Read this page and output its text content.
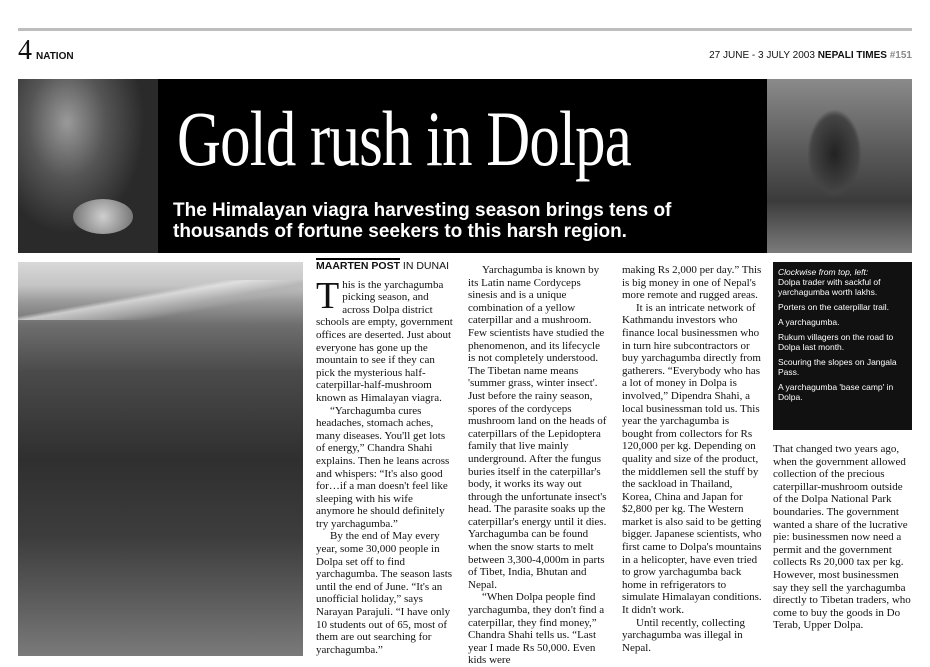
4 NATION	27 JUNE - 3 JULY 2003 NEPALI TIMES #151
Gold rush in Dolpa
The Himalayan viagra harvesting season brings tens of thousands of fortune seekers to this harsh region.
MAARTEN POST IN DUNAI

This is the yarchagumba picking season, and across Dolpa district schools are empty, government offices are deserted. Just about everyone has gone up the mountain to see if they can pick the mysterious half-caterpillar-half-mushroom known as Himalayan viagra.

“Yarchagumba cures headaches, stomach aches, many diseases. You'll get lots of energy,” Chandra Shahi explains. Then he leans across and whispers: “It's also good for…if a man doesn't feel like sleeping with his wife anymore he should definitely try yarchagumba.”

By the end of May every year, some 30,000 people in Dolpa set off to find yarchagumba. The season lasts until the end of June. “It's an unofficial holiday,” says Narayan Parajuli. “I have only 10 students out of 65, most of them are out searching for yarchagumba.”

Yarchagumba is known by its Latin name Cordyceps sinesis and is a unique combination of a yellow caterpillar and a mushroom. Few scientists have studied the phenomenon, and its lifecycle is not completely understood. The Tibetan name means 'summer grass, winter insect'. Just before the rainy season, spores of the cordyceps mushroom land on the heads of caterpillars of the Lepidoptera family that live mainly underground. After the fungus buries itself in the caterpillar's body, it works its way out through the unfortunate insect's head. The parasite soaks up the caterpillar's energy until it dies. Yarchagumba can be found when the snow starts to melt between 3,300-4,000m in parts of Tibet, India, Bhutan and Nepal.

“When Dolpa people find yarchagumba, they don't find a caterpillar, they find money,” Chandra Shahi tells us. “Last year I made Rs 50,000. Even kids were

making Rs 2,000 per day.” This is big money in one of Nepal's more remote and rugged areas.

It is an intricate network of Kathmandu investors who finance local businessmen who in turn hire subcontractors or buy yarchagumba directly from gatherers. “Everybody who has a lot of money in Dolpa is involved,” Dipendra Shahi, a local businessman told us. This year the yarchagumba is bought from collectors for Rs 120,000 per kg. Depending on quality and size of the product, the middlemen sell the stuff by the sackload in Thailand, Korea, China and Japan for $2,800 per kg. The Western market is also said to be getting bigger. Japanese scientists, who first came to Dolpa's mountains in a helicopter, have even tried to grow yarchagumba back home in refrigerators to simulate Himalayan conditions. It didn't work.

Until recently, collecting yarchagumba was illegal in Nepal.

Clockwise from top, left:
Dolpa trader with sackful of yarchagumba worth lakhs.
Porters on the caterpillar trail.
A yarchagumba.
Rukum villagers on the road to Dolpa last month.
Scouring the slopes on Jangala Pass.
A yarchagumba 'base camp' in Dolpa.

That changed two years ago, when the government allowed collection of the precious caterpillar-mushroom outside of the Dolpa National Park boundaries. The government wanted a share of the lucrative pie: businessmen now need a permit and the government collects Rs 20,000 tax per kg. However, most businessmen say they sell the yarchagumba directly to Tibetan traders, who come to buy the goods in Do Terab, Upper Dolpa.
